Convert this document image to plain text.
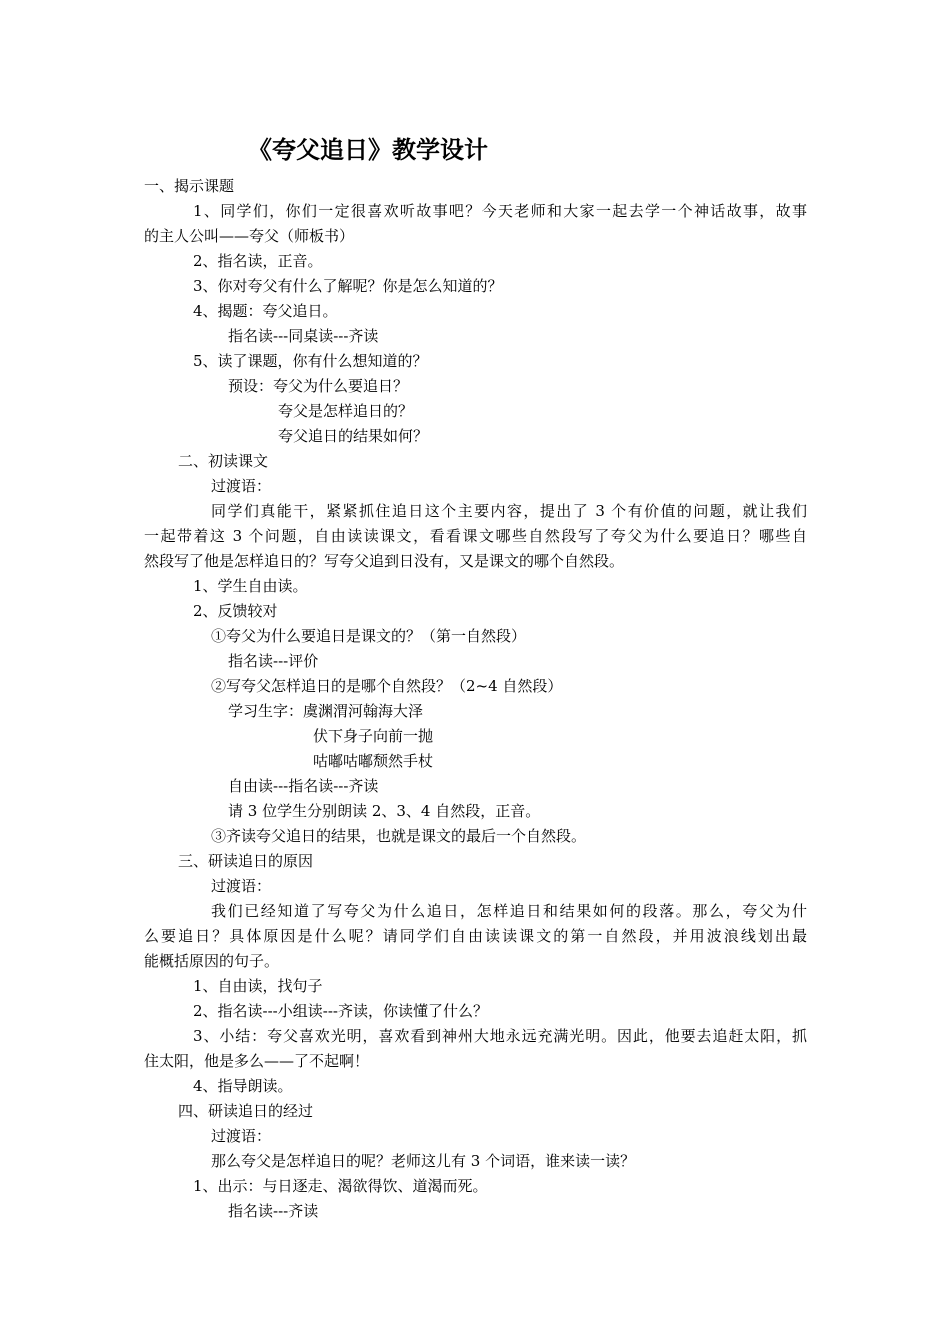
《夸父追日》教学设计
一、揭示课题
1、同学们，你们一定很喜欢听故事吧？今天老师和大家一起去学一个神话故事，故事
的主人公叫——夸父（师板书）
2、指名读，正音。
3、你对夸父有什么了解呢？你是怎么知道的？
4、揭题：夸父追日。
指名读---同桌读---齐读
5、读了课题，你有什么想知道的？
预设：夸父为什么要追日？
夸父是怎样追日的？
夸父追日的结果如何？
二、初读课文
过渡语：
同学们真能干，紧紧抓住追日这个主要内容，提出了 3 个有价值的问题，就让我们
一起带着这 3 个问题，自由读读课文，看看课文哪些自然段写了夸父为什么要追日？哪些自
然段写了他是怎样追日的？写夸父追到日没有，又是课文的哪个自然段。
1、学生自由读。
2、反馈较对
①夸父为什么要追日是课文的？（第一自然段）
指名读---评价
②写夸父怎样追日的是哪个自然段？（2~4 自然段）
学习生字：虞渊渭河翰海大泽
伏下身子向前一抛
咕嘟咕嘟颓然手杖
自由读---指名读---齐读
请 3 位学生分别朗读 2、3、4 自然段，正音。
③齐读夸父追日的结果，也就是课文的最后一个自然段。
三、研读追日的原因
过渡语：
我们已经知道了写夸父为什么追日，怎样追日和结果如何的段落。那么，夸父为什
么要追日？具体原因是什么呢？请同学们自由读读课文的第一自然段，并用波浪线划出最
能概括原因的句子。
1、自由读，找句子
2、指名读---小组读---齐读，你读懂了什么？
3、小结：夸父喜欢光明，喜欢看到神州大地永远充满光明。因此，他要去追赶太阳，抓
住太阳，他是多么——了不起啊！
4、指导朗读。
四、研读追日的经过
过渡语：
那么夸父是怎样追日的呢？老师这儿有 3 个词语，谁来读一读？
1、出示：与日逐走、渴欲得饮、道渴而死。
指名读---齐读
